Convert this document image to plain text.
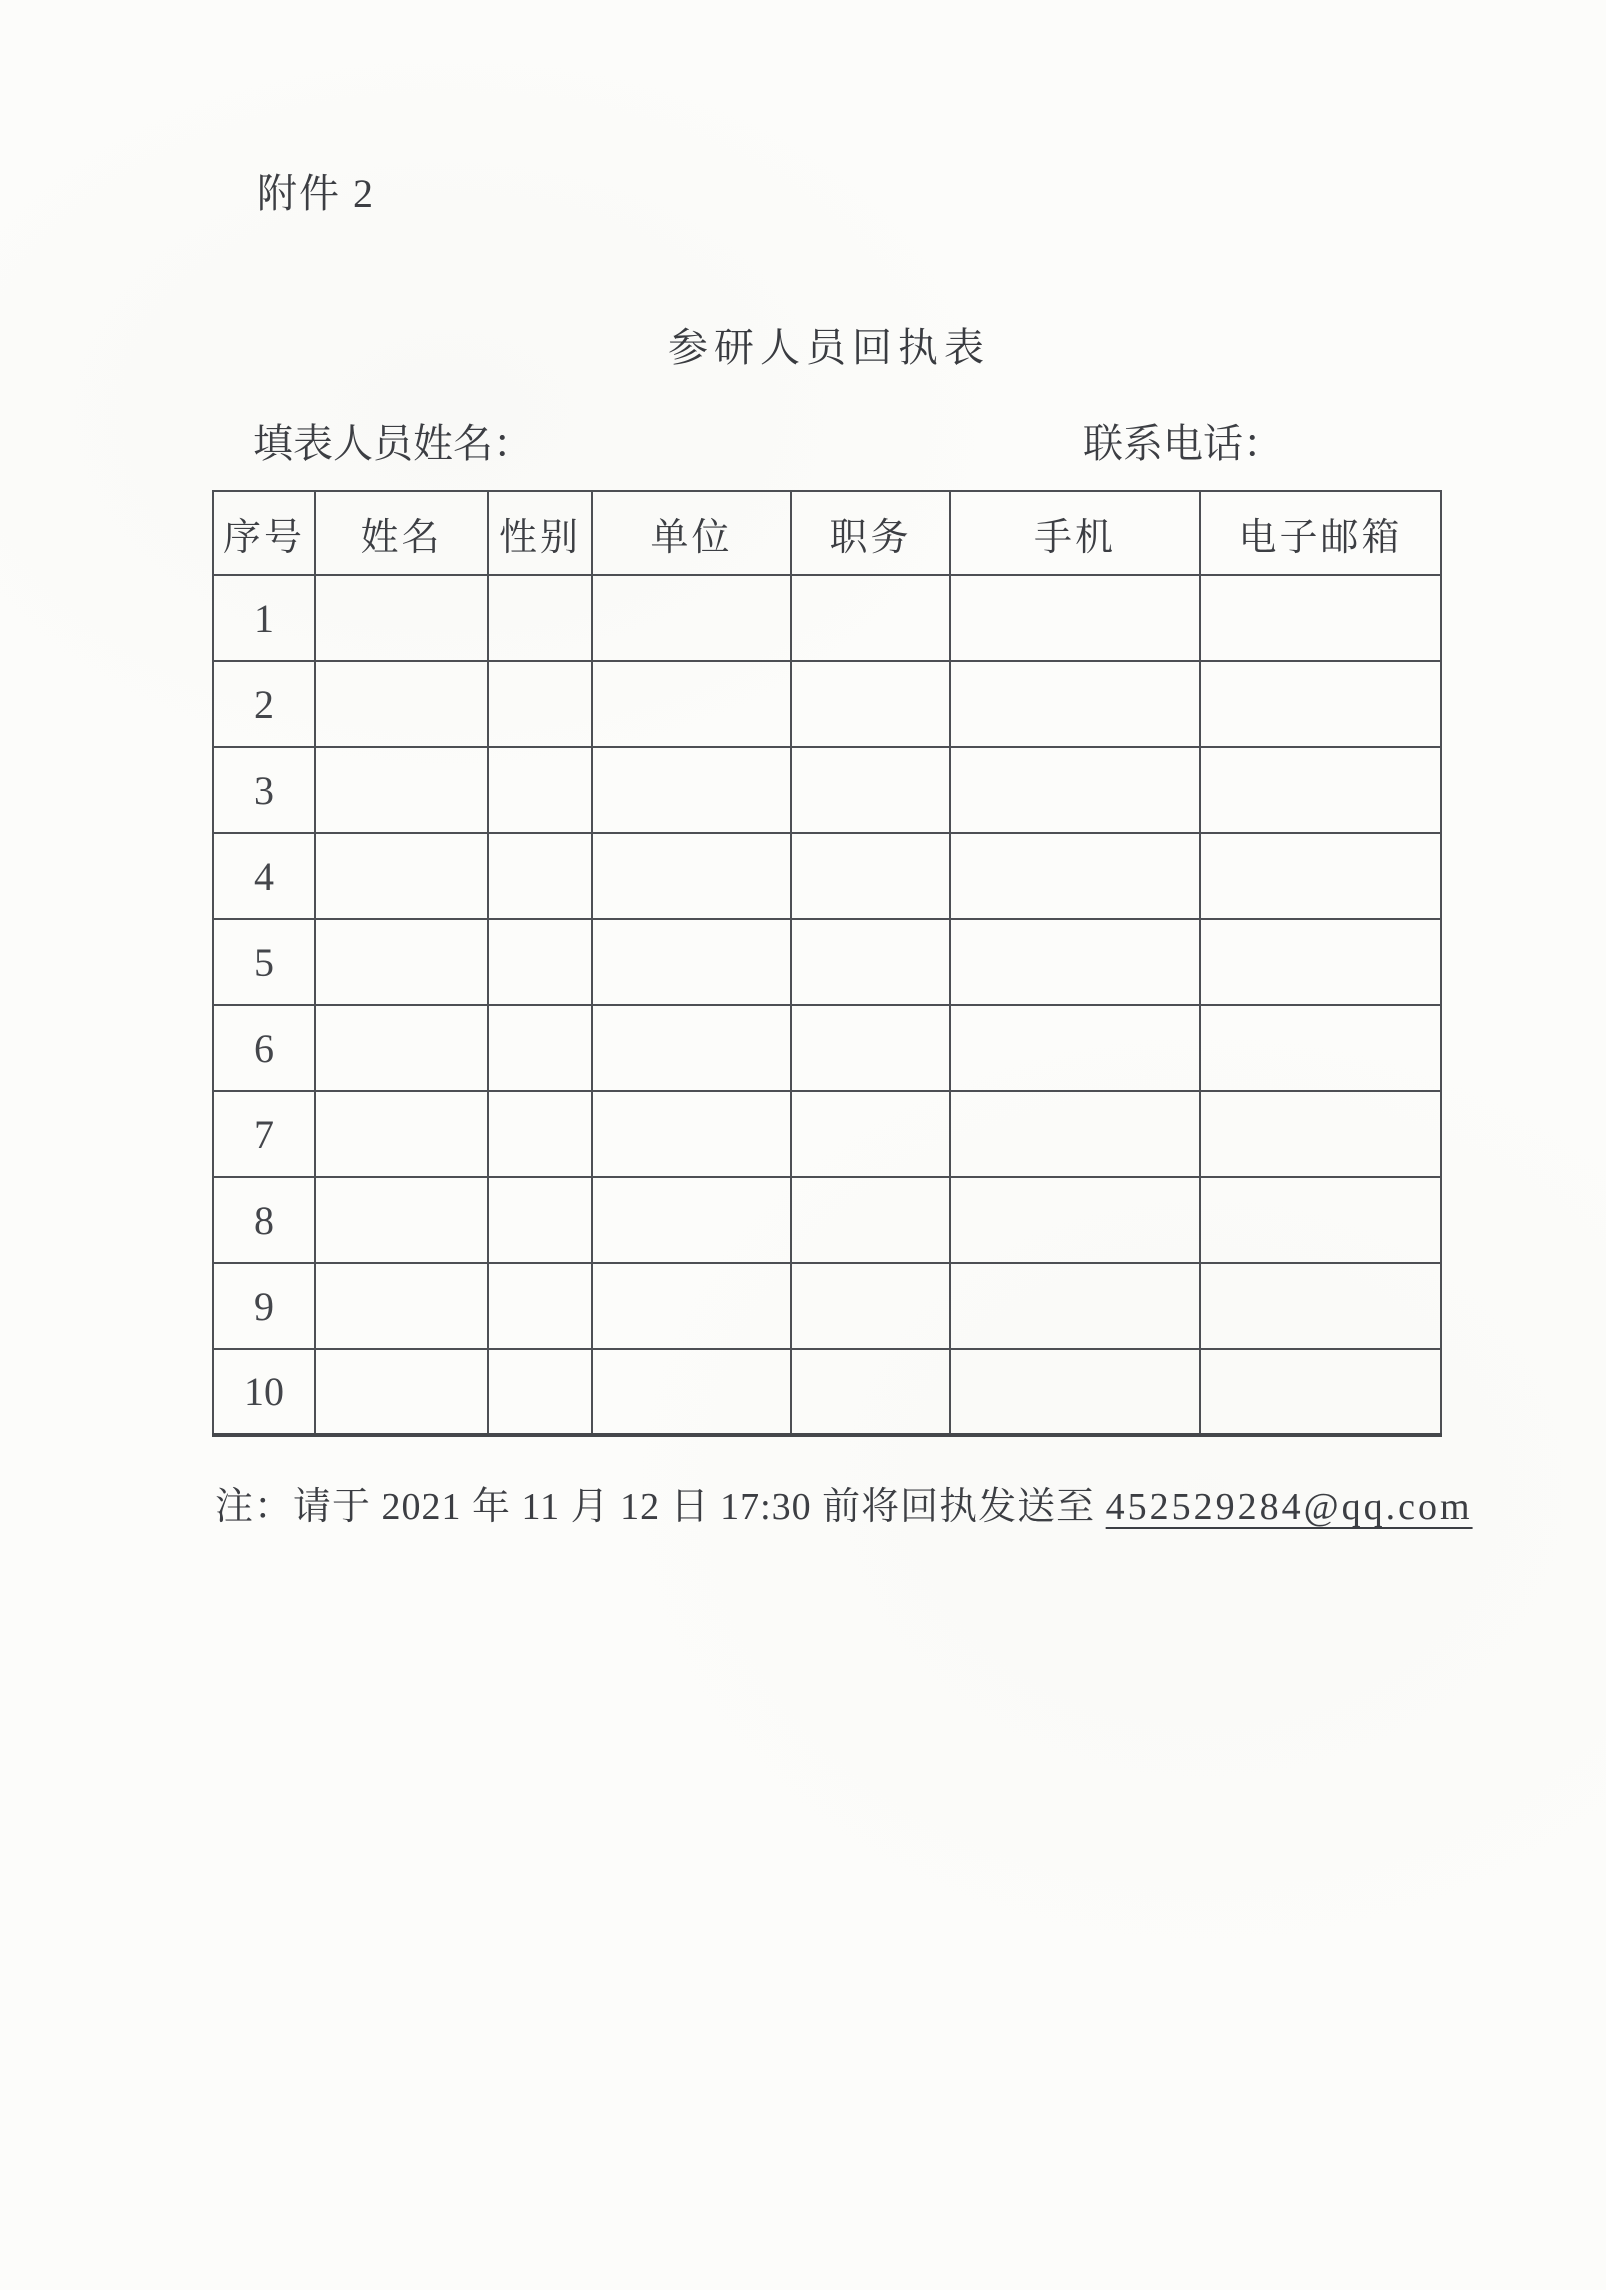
附件 2
参研人员回执表
填表人员姓名：	联系电话：
序号	姓名	性别	单位	职务	手机	电子邮箱
1						
2						
3						
4						
5						
6						
7						
8						
9						
10						

注：请于 2021 年 11 月 12 日 17:30 前将回执发送至 452529284@qq.com
